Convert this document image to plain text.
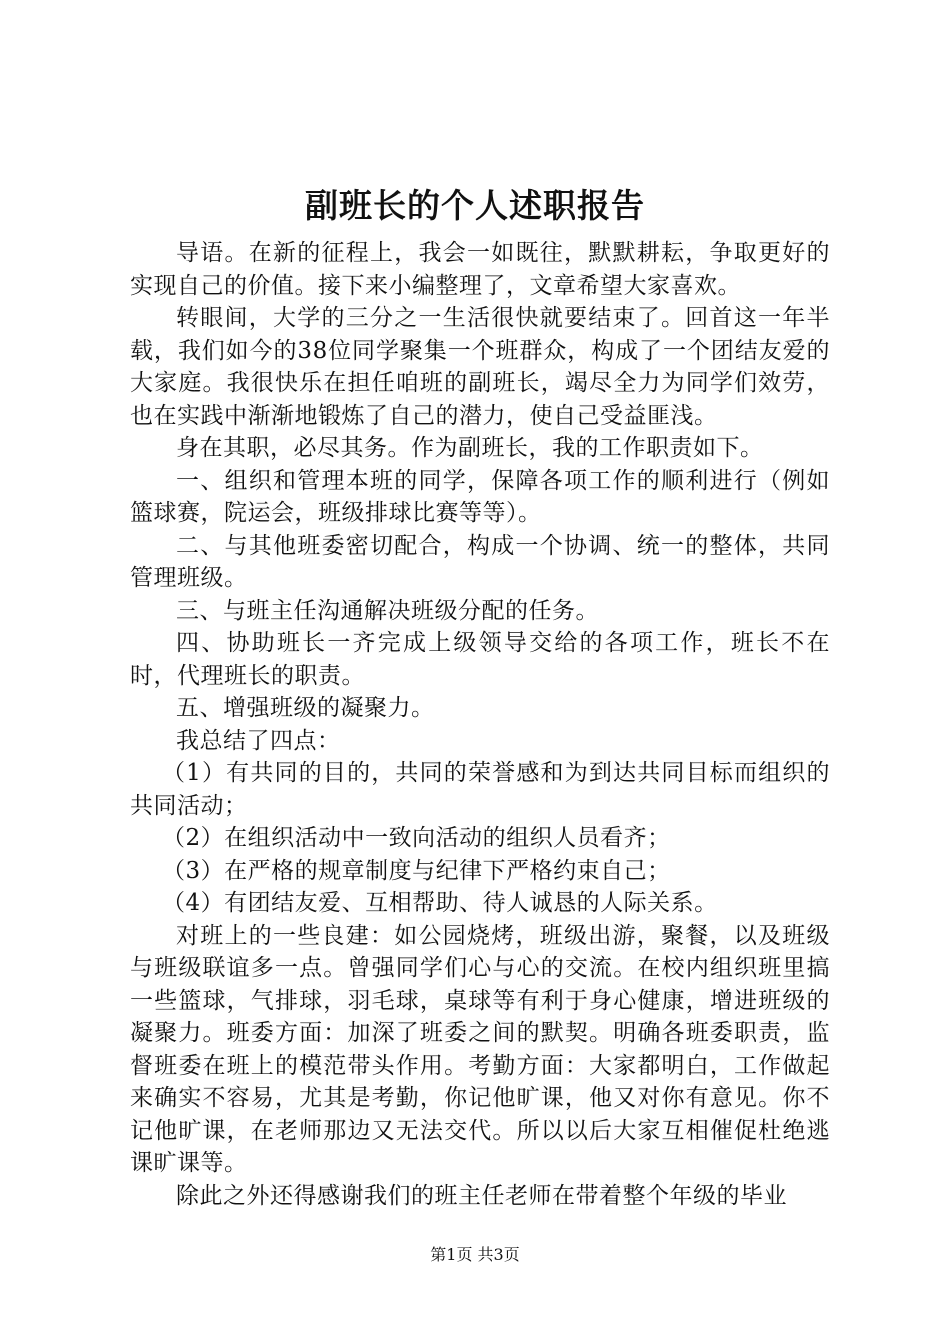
副班长的个人述职报告

导语。在新的征程上，我会一如既往，默默耕耘，争取更好的实现自己的价值。接下来小编整理了，文章希望大家喜欢。

转眼间，大学的三分之一生活很快就要结束了。回首这一年半载，我们如今的38位同学聚集一个班群众，构成了一个团结友爱的大家庭。我很快乐在担任咱班的副班长，竭尽全力为同学们效劳，也在实践中渐渐地锻炼了自己的潜力，使自己受益匪浅。

身在其职，必尽其务。作为副班长，我的工作职责如下。

一、组织和管理本班的同学，保障各项工作的顺利进行（例如篮球赛，院运会，班级排球比赛等等）。

二、与其他班委密切配合，构成一个协调、统一的整体，共同管理班级。

三、与班主任沟通解决班级分配的任务。

四、协助班长一齐完成上级领导交给的各项工作，班长不在时，代理班长的职责。

五、增强班级的凝聚力。

我总结了四点：

（1）有共同的目的，共同的荣誉感和为到达共同目标而组织的共同活动；

（2）在组织活动中一致向活动的组织人员看齐；

（3）在严格的规章制度与纪律下严格约束自己；

（4）有团结友爱、互相帮助、待人诚恳的人际关系。

对班上的一些良建：如公园烧烤，班级出游，聚餐，以及班级与班级联谊多一点。曾强同学们心与心的交流。在校内组织班里搞一些篮球，气排球，羽毛球，桌球等有利于身心健康，增进班级的凝聚力。班委方面：加深了班委之间的默契。明确各班委职责，监督班委在班上的模范带头作用。考勤方面：大家都明白，工作做起来确实不容易，尤其是考勤，你记他旷课，他又对你有意见。你不记他旷课，在老师那边又无法交代。所以以后大家互相催促杜绝逃课旷课等。

除此之外还得感谢我们的班主任老师在带着整个年级的毕业

第1页 共3页
